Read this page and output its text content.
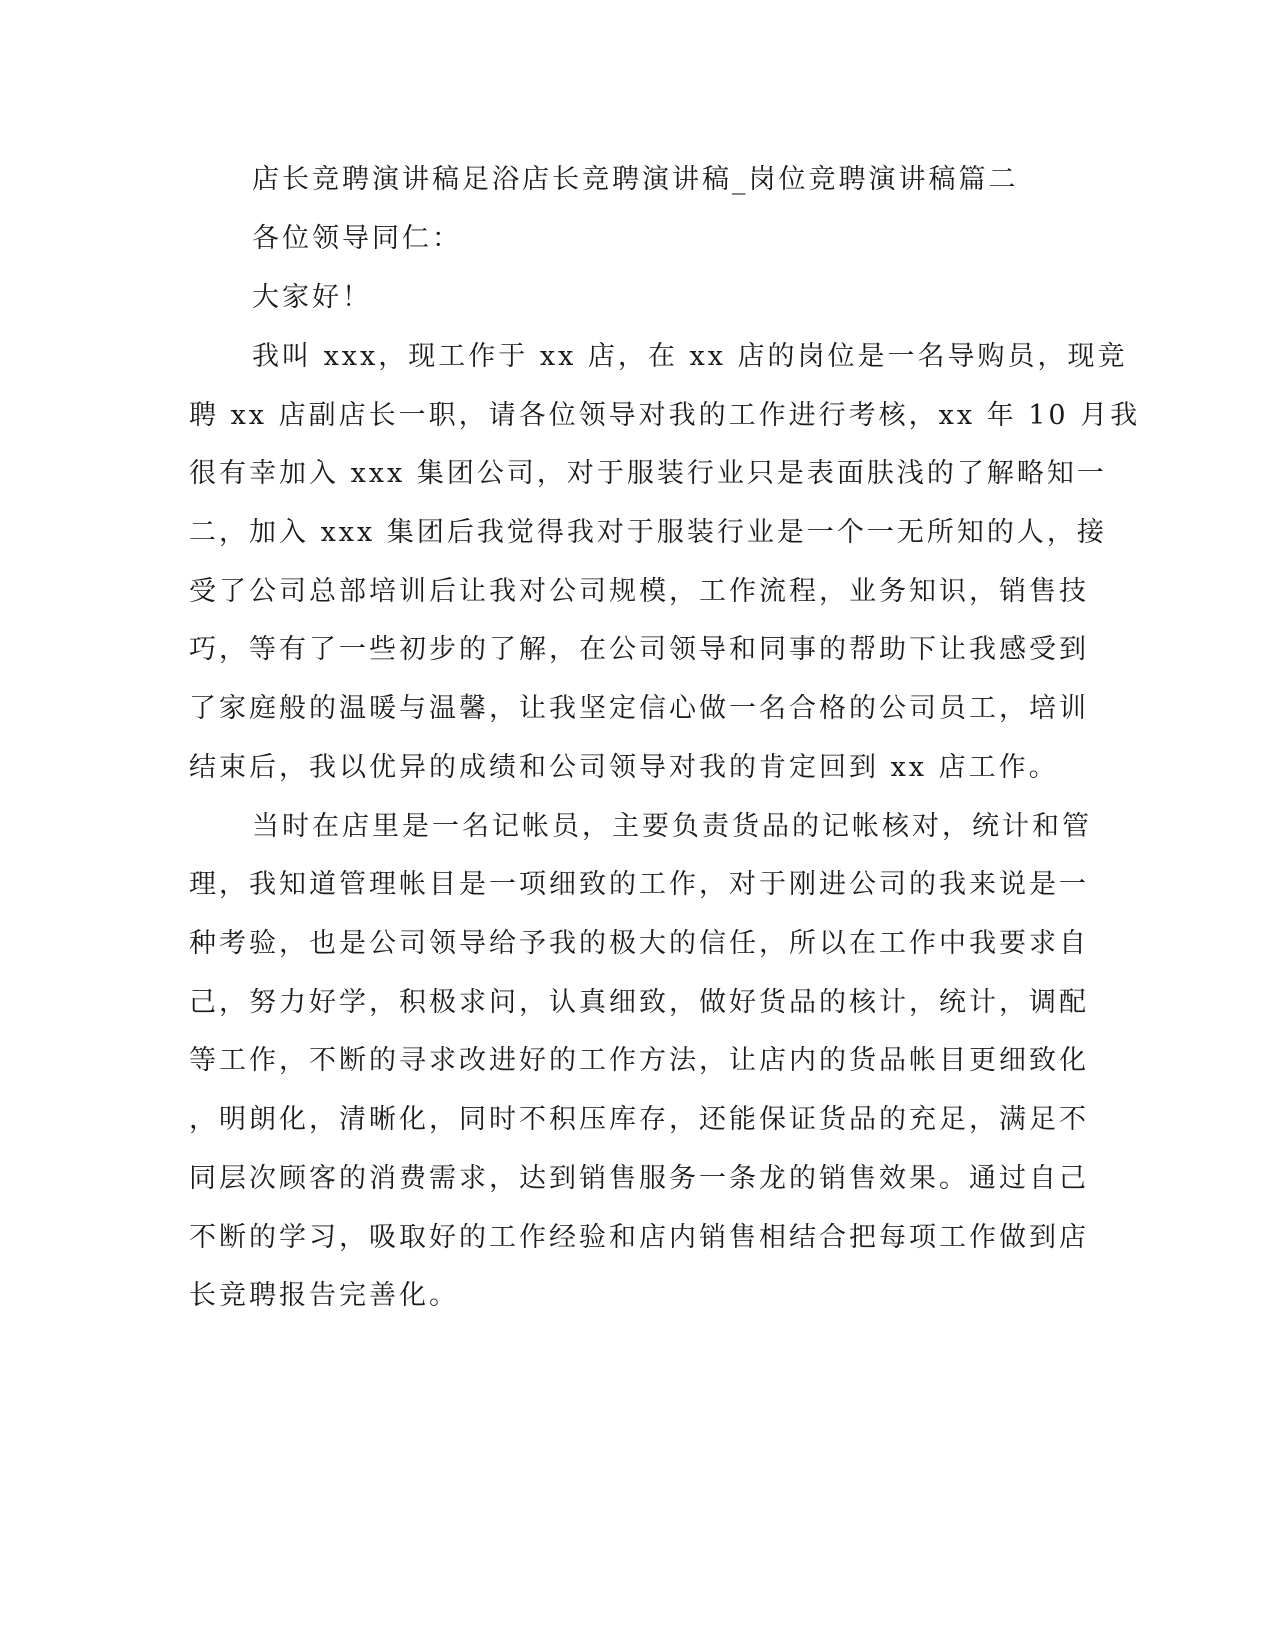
店长竞聘演讲稿足浴店长竞聘演讲稿_岗位竞聘演讲稿篇二

各位领导同仁：

大家好！

我叫 xxx，现工作于 xx 店，在 xx 店的岗位是一名导购员，现竞

聘 xx 店副店长一职，请各位领导对我的工作进行考核，xx 年 10 月我

很有幸加入 xxx 集团公司，对于服装行业只是表面肤浅的了解略知一

二，加入 xxx 集团后我觉得我对于服装行业是一个一无所知的人，接

受了公司总部培训后让我对公司规模，工作流程，业务知识，销售技

巧，等有了一些初步的了解，在公司领导和同事的帮助下让我感受到

了家庭般的温暖与温馨，让我坚定信心做一名合格的公司员工，培训

结束后，我以优异的成绩和公司领导对我的肯定回到 xx 店工作。

当时在店里是一名记帐员，主要负责货品的记帐核对，统计和管

理，我知道管理帐目是一项细致的工作，对于刚进公司的我来说是一

种考验，也是公司领导给予我的极大的信任，所以在工作中我要求自

己，努力好学，积极求问，认真细致，做好货品的核计，统计，调配

等工作，不断的寻求改进好的工作方法，让店内的货品帐目更细致化

，明朗化，清晰化，同时不积压库存，还能保证货品的充足，满足不

同层次顾客的消费需求，达到销售服务一条龙的销售效果。通过自己

不断的学习，吸取好的工作经验和店内销售相结合把每项工作做到店

长竞聘报告完善化。
